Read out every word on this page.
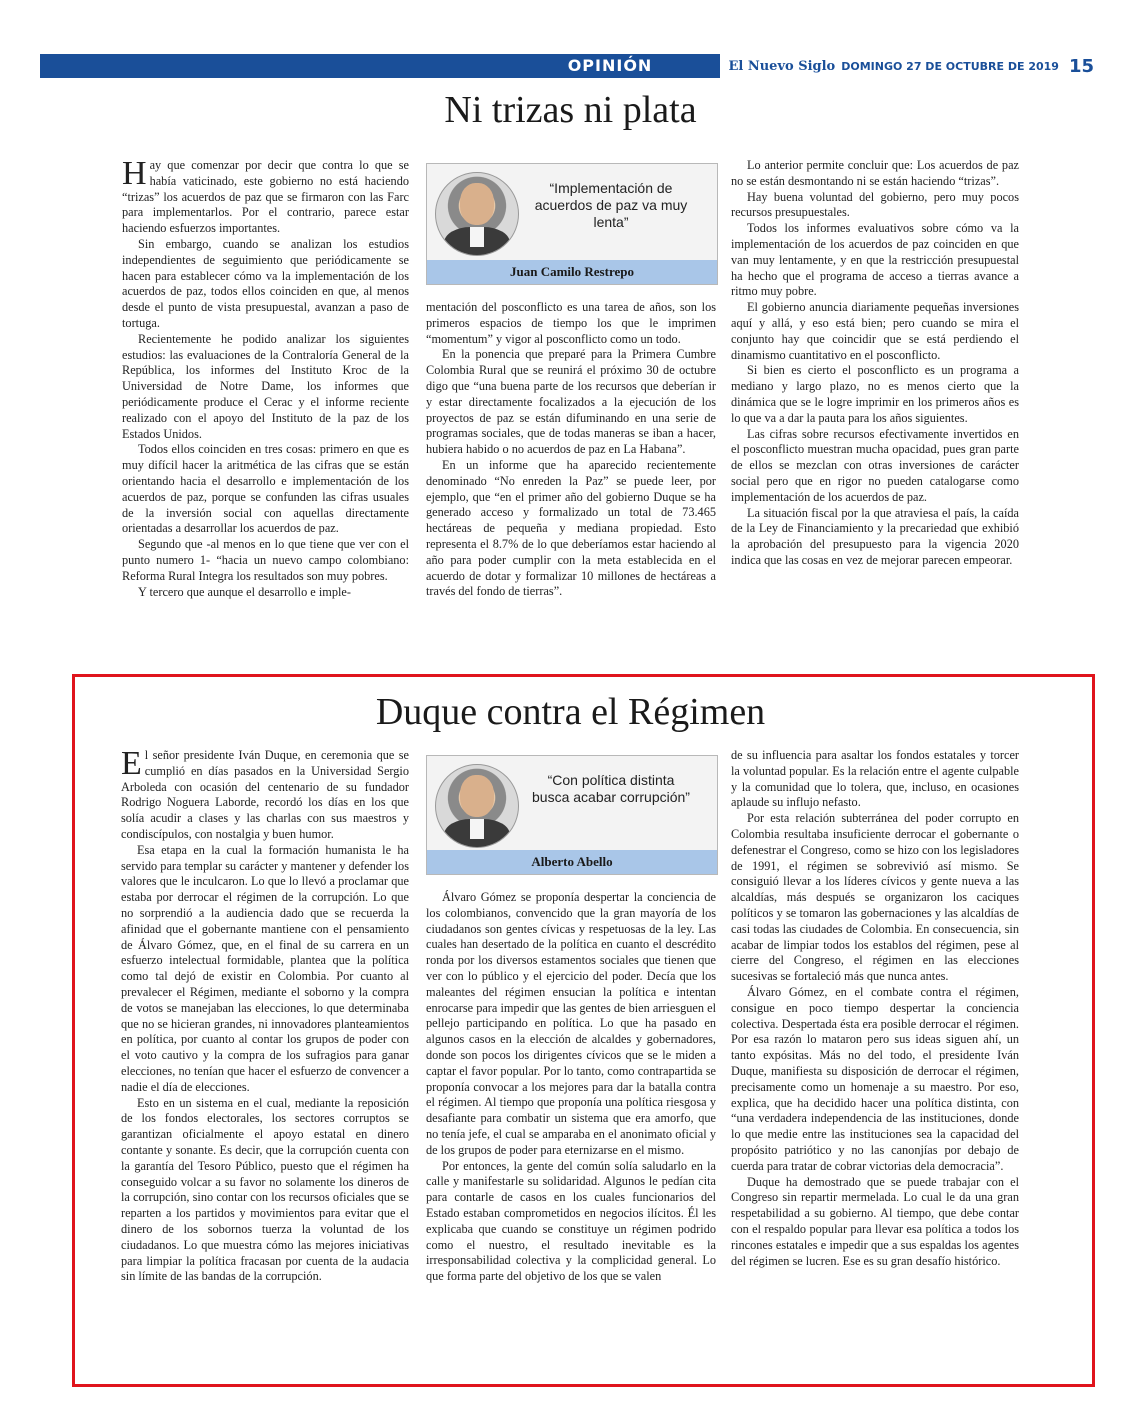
OPINIÓN	El Nuevo Siglo DOMINGO 27 DE OCTUBRE DE 2019 15
Ni trizas ni plata
H ay que comenzar por decir que contra lo que se había vaticinado, este gobierno no está haciendo “trizas” los acuerdos de paz que se firmaron con las Farc para implementarlos. Por el contrario, parece estar haciendo esfuerzos importantes.

Sin embargo, cuando se analizan los estudios independientes de seguimiento que periódicamente se hacen para establecer cómo va la implementación de los acuerdos de paz, todos ellos coinciden en que, al menos desde el punto de vista presupuestal, avanzan a paso de tortuga.

Recientemente he podido analizar los siguientes estudios: las evaluaciones de la Contraloría General de la República, los informes del Instituto Kroc de la Universidad de Notre Dame, los informes que periódicamente produce el Cerac y el informe reciente realizado con el apoyo del Instituto de la paz de los Estados Unidos.

Todos ellos coinciden en tres cosas: primero en que es muy difícil hacer la aritmética de las cifras que se están orientando hacia el desarrollo e implementación de los acuerdos de paz, porque se confunden las cifras usuales de la inversión social con aquellas directamente orientadas a desarrollar los acuerdos de paz.

Segundo que -al menos en lo que tiene que ver con el punto numero 1- “hacia un nuevo campo colombiano: Reforma Rural Integra los resultados son muy pobres.

Y tercero que aunque el desarrollo e imple-

“Implementación de acuerdos de paz va muy lenta”
Juan Camilo Restrepo

mentación del posconflicto es una tarea de años, son los primeros espacios de tiempo los que le imprimen “momentum” y vigor al posconflicto como un todo.

En la ponencia que preparé para la Primera Cumbre Colombia Rural que se reunirá el próximo 30 de octubre digo que “una buena parte de los recursos que deberían ir y estar directamente focalizados a la ejecución de los proyectos de paz se están difuminando en una serie de programas sociales, que de todas maneras se iban a hacer, hubiera habido o no acuerdos de paz en La Habana”.

En un informe que ha aparecido recientemente denominado “No enreden la Paz” se puede leer, por ejemplo, que “en el primer año del gobierno Duque se ha generado acceso y formalizado un total de 73.465 hectáreas de pequeña y mediana propiedad. Esto representa el 8.7% de lo que deberíamos estar haciendo al año para poder cumplir con la meta establecida en el acuerdo de dotar y formalizar 10 millones de hectáreas a través del fondo de tierras”.

Lo anterior permite concluir que: Los acuerdos de paz no se están desmontando ni se están haciendo “trizas”.

Hay buena voluntad del gobierno, pero muy pocos recursos presupuestales.

Todos los informes evaluativos sobre cómo va la implementación de los acuerdos de paz coinciden en que van muy lentamente, y en que la restricción presupuestal ha hecho que el programa de acceso a tierras avance a ritmo muy pobre.

El gobierno anuncia diariamente pequeñas inversiones aquí y allá, y eso está bien; pero cuando se mira el conjunto hay que coincidir que se está perdiendo el dinamismo cuantitativo en el posconflicto.

Si bien es cierto el posconflicto es un programa a mediano y largo plazo, no es menos cierto que la dinámica que se le logre imprimir en los primeros años es lo que va a dar la pauta para los años siguientes.

Las cifras sobre recursos efectivamente invertidos en el posconflicto muestran mucha opacidad, pues gran parte de ellos se mezclan con otras inversiones de carácter social pero que en rigor no pueden catalogarse como implementación de los acuerdos de paz.

La situación fiscal por la que atraviesa el país, la caída de la Ley de Financiamiento y la precariedad que exhibió la aprobación del presupuesto para la vigencia 2020 indica que las cosas en vez de mejorar parecen empeorar.

Duque contra el Régimen
E l señor presidente Iván Duque, en ceremonia que se cumplió en días pasados en la Universidad Sergio Arboleda con ocasión del centenario de su fundador Rodrigo Noguera Laborde, recordó los días en los que solía acudir a clases y las charlas con sus maestros y condiscípulos, con nostalgia y buen humor.

Esa etapa en la cual la formación humanista le ha servido para templar su carácter y mantener y defender los valores que le inculcaron. Lo que lo llevó a proclamar que estaba por derrocar el régimen de la corrupción. Lo que no sorprendió a la audiencia dado que se recuerda la afinidad que el gobernante mantiene con el pensamiento de Álvaro Gómez, que, en el final de su carrera en un esfuerzo intelectual formidable, plantea que la política como tal dejó de existir en Colombia. Por cuanto al prevalecer el Régimen, mediante el soborno y la compra de votos se manejaban las elecciones, lo que determinaba que no se hicieran grandes, ni innovadores planteamientos en política, por cuanto al contar los grupos de poder con el voto cautivo y la compra de los sufragios para ganar elecciones, no tenían que hacer el esfuerzo de convencer a nadie el día de elecciones.

Esto en un sistema en el cual, mediante la reposición de los fondos electorales, los sectores corruptos se garantizan oficialmente el apoyo estatal en dinero contante y sonante. Es decir, que la corrupción cuenta con la garantía del Tesoro Público, puesto que el régimen ha conseguido volcar a su favor no solamente los dineros de la corrupción, sino contar con los recursos oficiales que se reparten a los partidos y movimientos para evitar que el dinero de los sobornos tuerza la voluntad de los ciudadanos. Lo que muestra cómo las mejores iniciativas para limpiar la política fracasan por cuenta de la audacia sin límite de las bandas de la corrupción.

“Con política distinta busca acabar corrupción”
Alberto Abello

Álvaro Gómez se proponía despertar la conciencia de los colombianos, convencido que la gran mayoría de los ciudadanos son gentes cívicas y respetuosas de la ley. Las cuales han desertado de la política en cuanto el descrédito ronda por los diversos estamentos sociales que tienen que ver con lo público y el ejercicio del poder. Decía que los maleantes del régimen ensucian la política e intentan enrocarse para impedir que las gentes de bien arriesguen el pellejo participando en política. Lo que ha pasado en algunos casos en la elección de alcaldes y gobernadores, donde son pocos los dirigentes cívicos que se le miden a captar el favor popular. Por lo tanto, como contrapartida se proponía convocar a los mejores para dar la batalla contra el régimen. Al tiempo que proponía una política riesgosa y desafiante para combatir un sistema que era amorfo, que no tenía jefe, el cual se amparaba en el anonimato oficial y de los grupos de poder para eternizarse en el mismo.

Por entonces, la gente del común solía saludarlo en la calle y manifestarle su solidaridad. Algunos le pedían cita para contarle de casos en los cuales funcionarios del Estado estaban comprometidos en negocios ilícitos. Él les explicaba que cuando se constituye un régimen podrido como el nuestro, el resultado inevitable es la irresponsabilidad colectiva y la complicidad general. Lo que forma parte del objetivo de los que se valen

de su influencia para asaltar los fondos estatales y torcer la voluntad popular. Es la relación entre el agente culpable y la comunidad que lo tolera, que, incluso, en ocasiones aplaude su influjo nefasto.

Por esta relación subterránea del poder corrupto en Colombia resultaba insuficiente derrocar el gobernante o defenestrar el Congreso, como se hizo con los legisladores de 1991, el régimen se sobrevivió así mismo. Se consiguió llevar a los líderes cívicos y gente nueva a las alcaldías, más después se organizaron los caciques políticos y se tomaron las gobernaciones y las alcaldías de casi todas las ciudades de Colombia. En consecuencia, sin acabar de limpiar todos los establos del régimen, pese al cierre del Congreso, el régimen en las elecciones sucesivas se fortaleció más que nunca antes.

Álvaro Gómez, en el combate contra el régimen, consigue en poco tiempo despertar la conciencia colectiva. Despertada ésta era posible derrocar el régimen. Por esa razón lo mataron pero sus ideas siguen ahí, un tanto expósitas. Más no del todo, el presidente Iván Duque, manifiesta su disposición de derrocar el régimen, precisamente como un homenaje a su maestro. Por eso, explica, que ha decidido hacer una política distinta, con “una verdadera independencia de las instituciones, donde lo que medie entre las instituciones sea la capacidad del propósito patriótico y no las canonjías por debajo de cuerda para tratar de cobrar victorias dela democracia”.

Duque ha demostrado que se puede trabajar con el Congreso sin repartir mermelada. Lo cual le da una gran respetabilidad a su gobierno. Al tiempo, que debe contar con el respaldo popular para llevar esa política a todos los rincones estatales e impedir que a sus espaldas los agentes del régimen se lucren. Ese es su gran desafío histórico.
